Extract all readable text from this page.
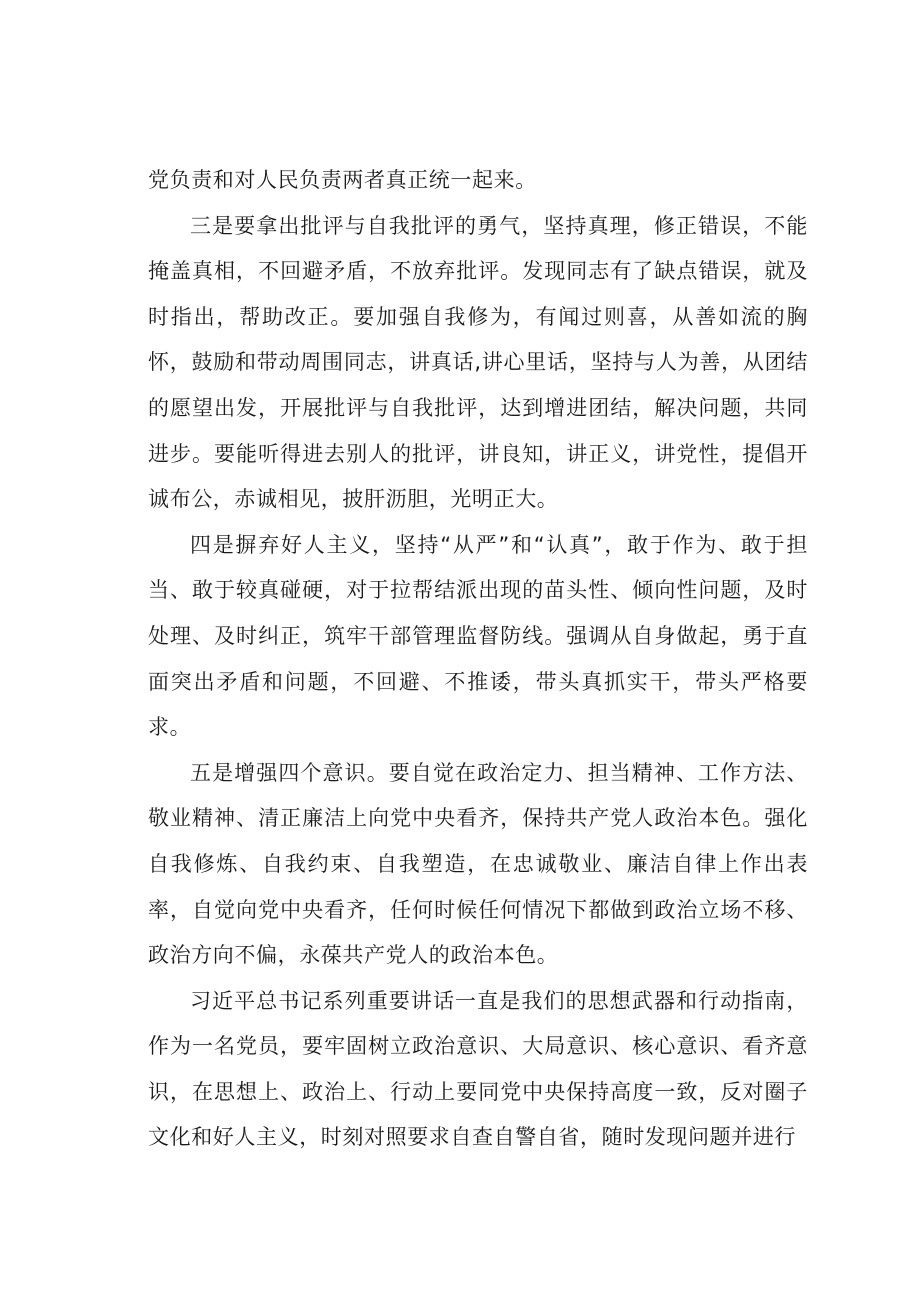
党负责和对人民负责两者真正统一起来。

三是要拿出批评与自我批评的勇气，坚持真理，修正错误，不能掩盖真相，不回避矛盾，不放弃批评。发现同志有了缺点错误，就及时指出，帮助改正。要加强自我修为，有闻过则喜，从善如流的胸怀，鼓励和带动周围同志，讲真话,讲心里话，坚持与人为善，从团结的愿望出发，开展批评与自我批评，达到增进团结，解决问题，共同进步。要能听得进去别人的批评，讲良知，讲正义，讲党性，提倡开诚布公，赤诚相见，披肝沥胆，光明正大。

四是摒弃好人主义，坚持“从严”和“认真”，敢于作为、敢于担当、敢于较真碰硬，对于拉帮结派出现的苗头性、倾向性问题，及时处理、及时纠正，筑牢干部管理监督防线。强调从自身做起，勇于直面突出矛盾和问题，不回避、不推诿，带头真抓实干，带头严格要求。

五是增强四个意识。要自觉在政治定力、担当精神、工作方法、敬业精神、清正廉洁上向党中央看齐，保持共产党人政治本色。强化自我修炼、自我约束、自我塑造，在忠诚敬业、廉洁自律上作出表率，自觉向党中央看齐，任何时候任何情况下都做到政治立场不移、政治方向不偏，永葆共产党人的政治本色。

习近平总书记系列重要讲话一直是我们的思想武器和行动指南，作为一名党员，要牢固树立政治意识、大局意识、核心意识、看齐意识，在思想上、政治上、行动上要同党中央保持高度一致，反对圈子文化和好人主义，时刻对照要求自查自警自省，随时发现问题并进行
